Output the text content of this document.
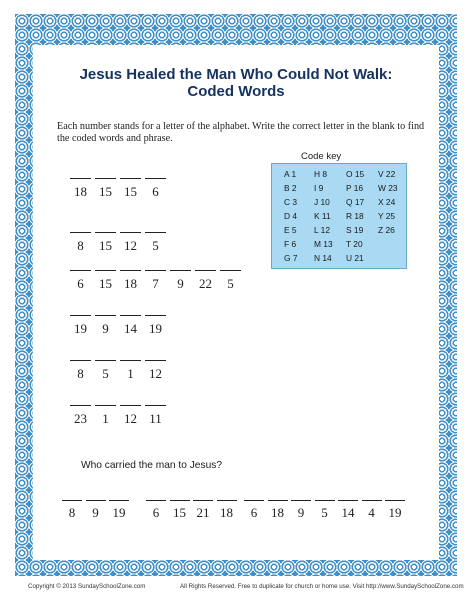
Jesus Healed the Man Who Could Not Walk:
Coded Words
Each number stands for a letter of the alphabet. Write the correct letter in the blank to find the coded words and phrase.
Code key
A 1
B 2
C 3
D 4
E 5
F 6
G 7
H 8
I 9
J 10
K 11
L 12
M 13
N 14
O 15
P 16
Q 17
R 18
S 19
T 20
U 21
V 22
W 23
X 24
Y 25
Z 26
18 15 15	6
8	15 12	5
6	15 18	7	9	22	5
19	9	14 19
8	5	1	12
23	1	12 11
8	9	19	6	15 21 18	6	18	9	5	14	4	19
Who carried the man to Jesus?
Copyright © 2013 SundaySchoolZone.com	All Rights Reserved. Free to duplicate for church or home use. Visit http://www.SundaySchoolZone.com
